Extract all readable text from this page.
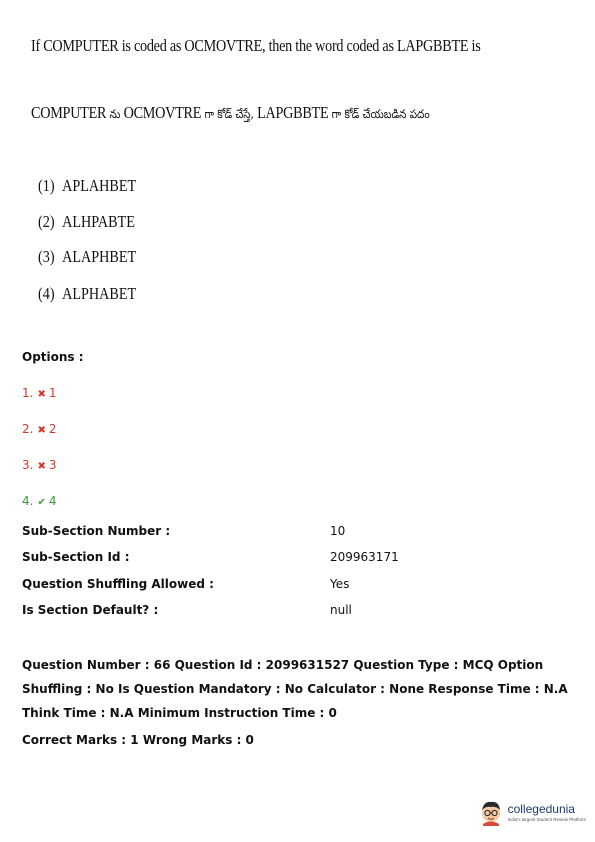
If COMPUTER is coded as OCMOVTRE, then the word coded as LAPGBBTE is
COMPUTER ను OCMOVTRE గా కోడ్ చేస్తే, LAPGBBTE గా కోడ్ చేయబడిన పదం
(1) APLAHBET
(2) ALHPABTE
(3) ALAPHBET
(4) ALPHABET
Options :
1. ✖ 1
2. ✖ 2
3. ✖ 3
4. ✔ 4
Sub-Section Number :	10
Sub-Section Id :	209963171
Question Shuffling Allowed :	Yes
Is Section Default? :	null
Question Number : 66 Question Id : 2099631527 Question Type : MCQ Option Shuffling : No Is Question Mandatory : No Calculator : None Response Time : N.A Think Time : N.A Minimum Instruction Time : 0
Correct Marks : 1 Wrong Marks : 0
collegedunia
India's largest Student Review Platform
